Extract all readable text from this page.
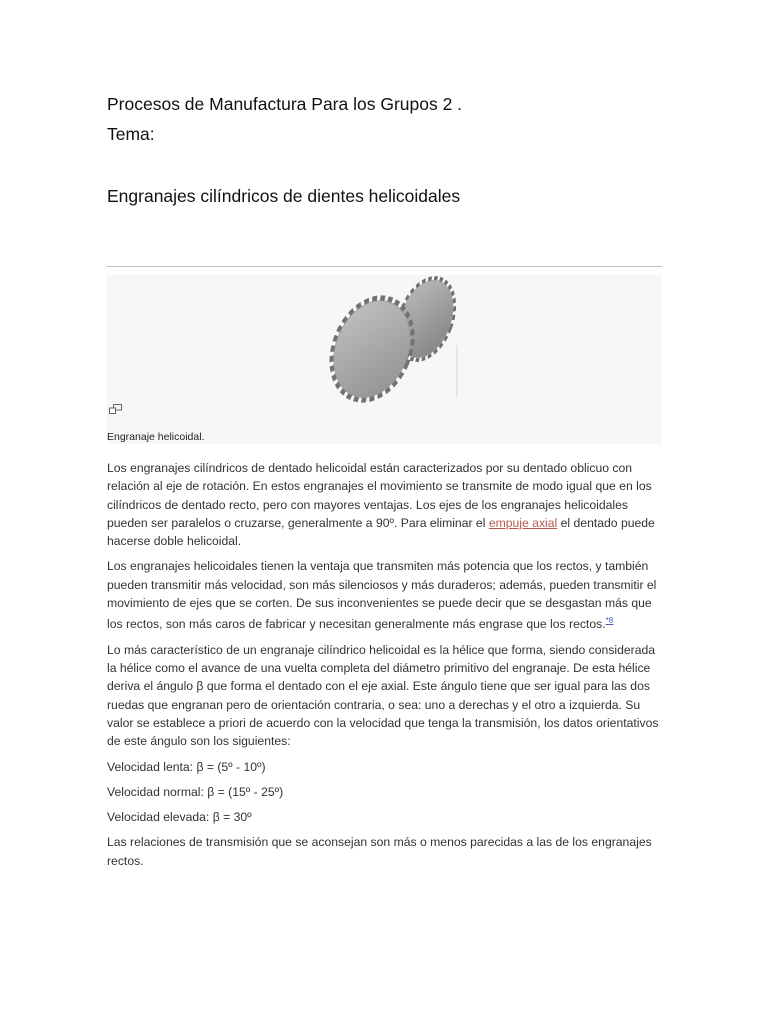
Procesos de Manufactura Para los Grupos 2 .
Tema:
Engranajes cilíndricos de dientes helicoidales
Engranaje helicoidal.

Los engranajes cilíndricos de dentado helicoidal están caracterizados por su dentado oblicuo con relación al eje de rotación. En estos engranajes el movimiento se transmite de modo igual que en los cilíndricos de dentado recto, pero con mayores ventajas. Los ejes de los engranajes helicoidales pueden ser paralelos o cruzarse, generalmente a 90º. Para eliminar el empuje axial el dentado puede hacerse doble helicoidal.

Los engranajes helicoidales tienen la ventaja que transmiten más potencia que los rectos, y también pueden transmitir más velocidad, son más silenciosos y más duraderos; además, pueden transmitir el movimiento de ejes que se corten. De sus inconvenientes se puede decir que se desgastan más que los rectos, son más caros de fabricar y necesitan generalmente más engrase que los rectos.$^{*8}$

Lo más característico de un engranaje cilíndrico helicoidal es la hélice que forma, siendo considerada la hélice como el avance de una vuelta completa del diámetro primitivo del engranaje. De esta hélice deriva el ángulo β que forma el dentado con el eje axial. Este ángulo tiene que ser igual para las dos ruedas que engranan pero de orientación contraria, o sea: uno a derechas y el otro a izquierda. Su valor se establece a priori de acuerdo con la velocidad que tenga la transmisión, los datos orientativos de este ángulo son los siguientes:

Velocidad lenta: β = (5º - 10º)

Velocidad normal: β = (15º - 25º)

Velocidad elevada: β = 30º

Las relaciones de transmisión que se aconsejan son más o menos parecidas a las de los engranajes rectos.
